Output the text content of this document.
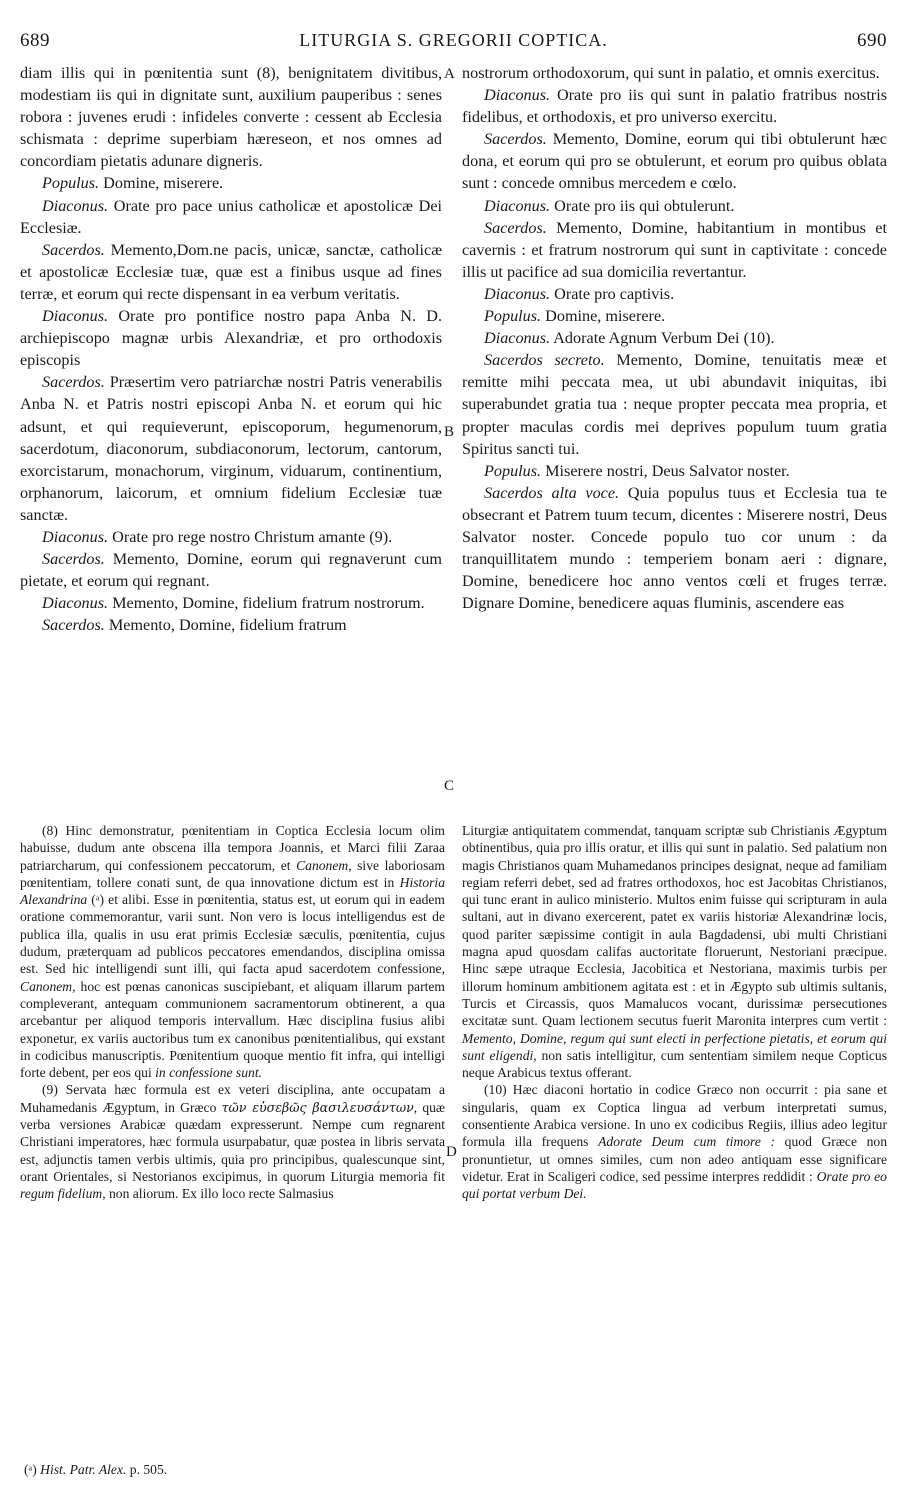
689	LITURGIA S. GREGORII COPTICA.	690
A
B
C
D

diam illis qui in pœnitentia sunt (8), benignitatem divitibus, modestiam iis qui in dignitate sunt, auxilium pauperibus : senes robora : juvenes erudi : infideles converte : cessent ab Ecclesia schismata : deprime superbiam hæreseon, et nos omnes ad concordiam pietatis adunare digneris.

Populus. Domine, miserere.

Diaconus. Orate pro pace unius catholicæ et apostolicæ Dei Ecclesiæ.

Sacerdos. Memento,Dom.ne pacis, unicæ, sanctæ, catholicæ et apostolicæ Ecclesiæ tuæ, quæ est a finibus usque ad fines terræ, et eorum qui recte dispensant in ea verbum veritatis.

Diaconus. Orate pro pontifice nostro papa Anba N. D. archiepiscopo magnæ urbis Alexandriæ, et pro orthodoxis episcopis

Sacerdos. Præsertim vero patriarchæ nostri Patris venerabilis Anba N. et Patris nostri episcopi Anba N. et eorum qui hic adsunt, et qui requieverunt, episcoporum, hegumenorum, sacerdotum, diaconorum, subdiaconorum, lectorum, cantorum, exorcistarum, monachorum, virginum, viduarum, continentium, orphanorum, laicorum, et omnium fidelium Ecclesiæ tuæ sanctæ.

Diaconus. Orate pro rege nostro Christum amante (9).

Sacerdos. Memento, Domine, eorum qui regnaverunt cum pietate, et eorum qui regnant.

Diaconus. Memento, Domine, fidelium fratrum nostrorum.

Sacerdos. Memento, Domine, fidelium fratrum

nostrorum orthodoxorum, qui sunt in palatio, et omnis exercitus.

Diaconus. Orate pro iis qui sunt in palatio fratribus nostris fidelibus, et orthodoxis, et pro universo exercitu.

Sacerdos. Memento, Domine, eorum qui tibi obtulerunt hæc dona, et eorum qui pro se obtulerunt, et eorum pro quibus oblata sunt : concede omnibus mercedem e cœlo.

Diaconus. Orate pro iis qui obtulerunt.

Sacerdos. Memento, Domine, habitantium in montibus et cavernis : et fratrum nostrorum qui sunt in captivitate : concede illis ut pacifice ad sua domicilia revertantur.

Diaconus. Orate pro captivis.

Populus. Domine, miserere.

Diaconus. Adorate Agnum Verbum Dei (10).

Sacerdos secreto. Memento, Domine, tenuitatis meæ et remitte mihi peccata mea, ut ubi abundavit iniquitas, ibi superabundet gratia tua : neque propter peccata mea propria, et propter maculas cordis mei deprives populum tuum gratia Spiritus sancti tui.

Populus. Miserere nostri, Deus Salvator noster.

Sacerdos alta voce. Quia populus tuus et Ecclesia tua te obsecrant et Patrem tuum tecum, dicentes : Miserere nostri, Deus Salvator noster. Concede populo tuo cor unum : da tranquillitatem mundo : temperiem bonam aeri : dignare, Domine, benedicere hoc anno ventos cœli et fruges terræ. Dignare Domine, benedicere aquas fluminis, ascendere eas

(8) Hinc demonstratur, pœnitentiam in Coptica Ecclesia locum olim habuisse, dudum ante obscena illa tempora Joannis, et Marci filii Zaraa patriarcharum, qui confessionem peccatorum, et Canonem, sive laboriosam pœnitentiam, tollere conati sunt, de qua innovatione dictum est in Historia Alexandrina (ᵃ) et alibi. Esse in pœnitentia, status est, ut eorum qui in eadem oratione commemorantur, varii sunt. Non vero is locus intelligendus est de publica illa, qualis in usu erat primis Ecclesiæ sæculis, pœnitentia, cujus dudum, præterquam ad publicos peccatores emendandos, disciplina omissa est. Sed hic intelligendi sunt illi, qui facta apud sacerdotem confessione, Canonem, hoc est pœnas canonicas suscipiebant, et aliquam illarum partem compleverant, antequam communionem sacramentorum obtinerent, a qua arcebantur per aliquod temporis intervallum. Hæc disciplina fusius alibi exponetur, ex variis auctoribus tum ex canonibus pœnitentialibus, qui exstant in codicibus manuscriptis. Pœnitentium quoque mentio fit infra, qui intelligi forte debent, per eos qui in confessione sunt.

(9) Servata hæc formula est ex veteri disciplina, ante occupatam a Muhamedanis Ægyptum, in Græco τῶν εὐσεβῶς βασιλευσάντων, quæ verba versiones Arabicæ quædam expresserunt. Nempe cum regnarent Christiani imperatores, hæc formula usurpabatur, quæ postea in libris servata est, adjunctis tamen verbis ultimis, quia pro principibus, qualescunque sint, orant Orientales, si Nestorianos excipimus, in quorum Liturgia memoria fit regum fidelium, non aliorum. Ex illo loco recte Salmasius

Liturgiæ antiquitatem commendat, tanquam scriptæ sub Christianis Ægyptum obtinentibus, quia pro illis oratur, et illis qui sunt in palatio. Sed palatium non magis Christianos quam Muhamedanos principes designat, neque ad familiam regiam referri debet, sed ad fratres orthodoxos, hoc est Jacobitas Christianos, qui tunc erant in aulico ministerio. Multos enim fuisse qui scripturam in aula sultani, aut in divano exercerent, patet ex variis historiæ Alexandrinæ locis, quod pariter sæpissime contigit in aula Bagdadensi, ubi multi Christiani magna apud quosdam califas auctoritate floruerunt, Nestoriani præcipue. Hinc sæpe utraque Ecclesia, Jacobitica et Nestoriana, maximis turbis per illorum hominum ambitionem agitata est : et in Ægypto sub ultimis sultanis, Turcis et Circassis, quos Mamalucos vocant, durissimæ persecutiones excitatæ sunt. Quam lectionem secutus fuerit Maronita interpres cum vertit : Memento, Domine, regum qui sunt electi in perfectione pietatis, et eorum qui sunt eligendi, non satis intelligitur, cum sententiam similem neque Copticus neque Arabicus textus offerant.

(10) Hæc diaconi hortatio in codice Græco non occurrit : pia sane et singularis, quam ex Coptica lingua ad verbum interpretati sumus, consentiente Arabica versione. In uno ex codicibus Regiis, illius adeo legitur formula illa frequens Adorate Deum cum timore : quod Græce non pronuntietur, ut omnes similes, cum non adeo antiquam esse significare videtur. Erat in Scaligeri codice, sed pessime interpres reddidit : Orate pro eo qui portat verbum Dei.

(ᵃ) Hist. Patr. Alex. p. 505.
